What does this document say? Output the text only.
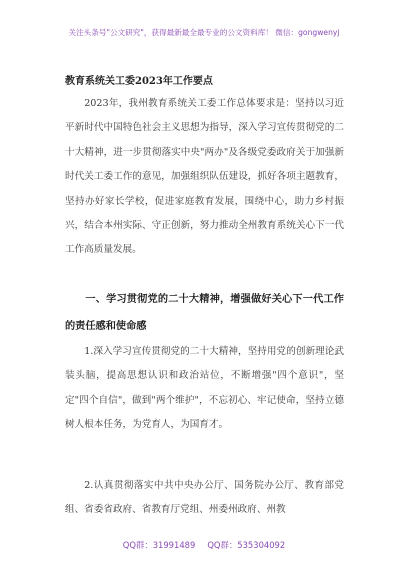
关注头条号"公文研究"，获得最新最全最专业的公文资料库！ 微信：gongwenyj
教育系统关工委2023年工作要点

2023年，我州教育系统关工委工作总体要求是：坚持以习近平新时代中国特色社会主义思想为指导，深入学习宣传贯彻党的二十大精神，进一步贯彻落实中央"两办"及各级党委政府关于加强新时代关工委工作的意见，加强组织队伍建设，抓好各项主题教育，坚持办好家长学校，促进家庭教育发展，围绕中心，助力乡村振兴，结合本州实际、守正创新，努力推动全州教育系统关心下一代工作高质量发展。

一、学习贯彻党的二十大精神，增强做好关心下一代工作的责任感和使命感

1.深入学习宣传贯彻党的二十大精神，坚持用党的创新理论武装头脑，提高思想认识和政治站位，不断增强"四个意识"，坚定"四个自信"，做到"两个维护"，不忘初心、牢记使命，坚持立德树人根本任务，为党育人，为国育才。

2.认真贯彻落实中共中央办公厅、国务院办公厅、教育部党组、省委省政府、省教育厅党组、州委州政府、州教

QQ群：31991489 QQ群：535304092
